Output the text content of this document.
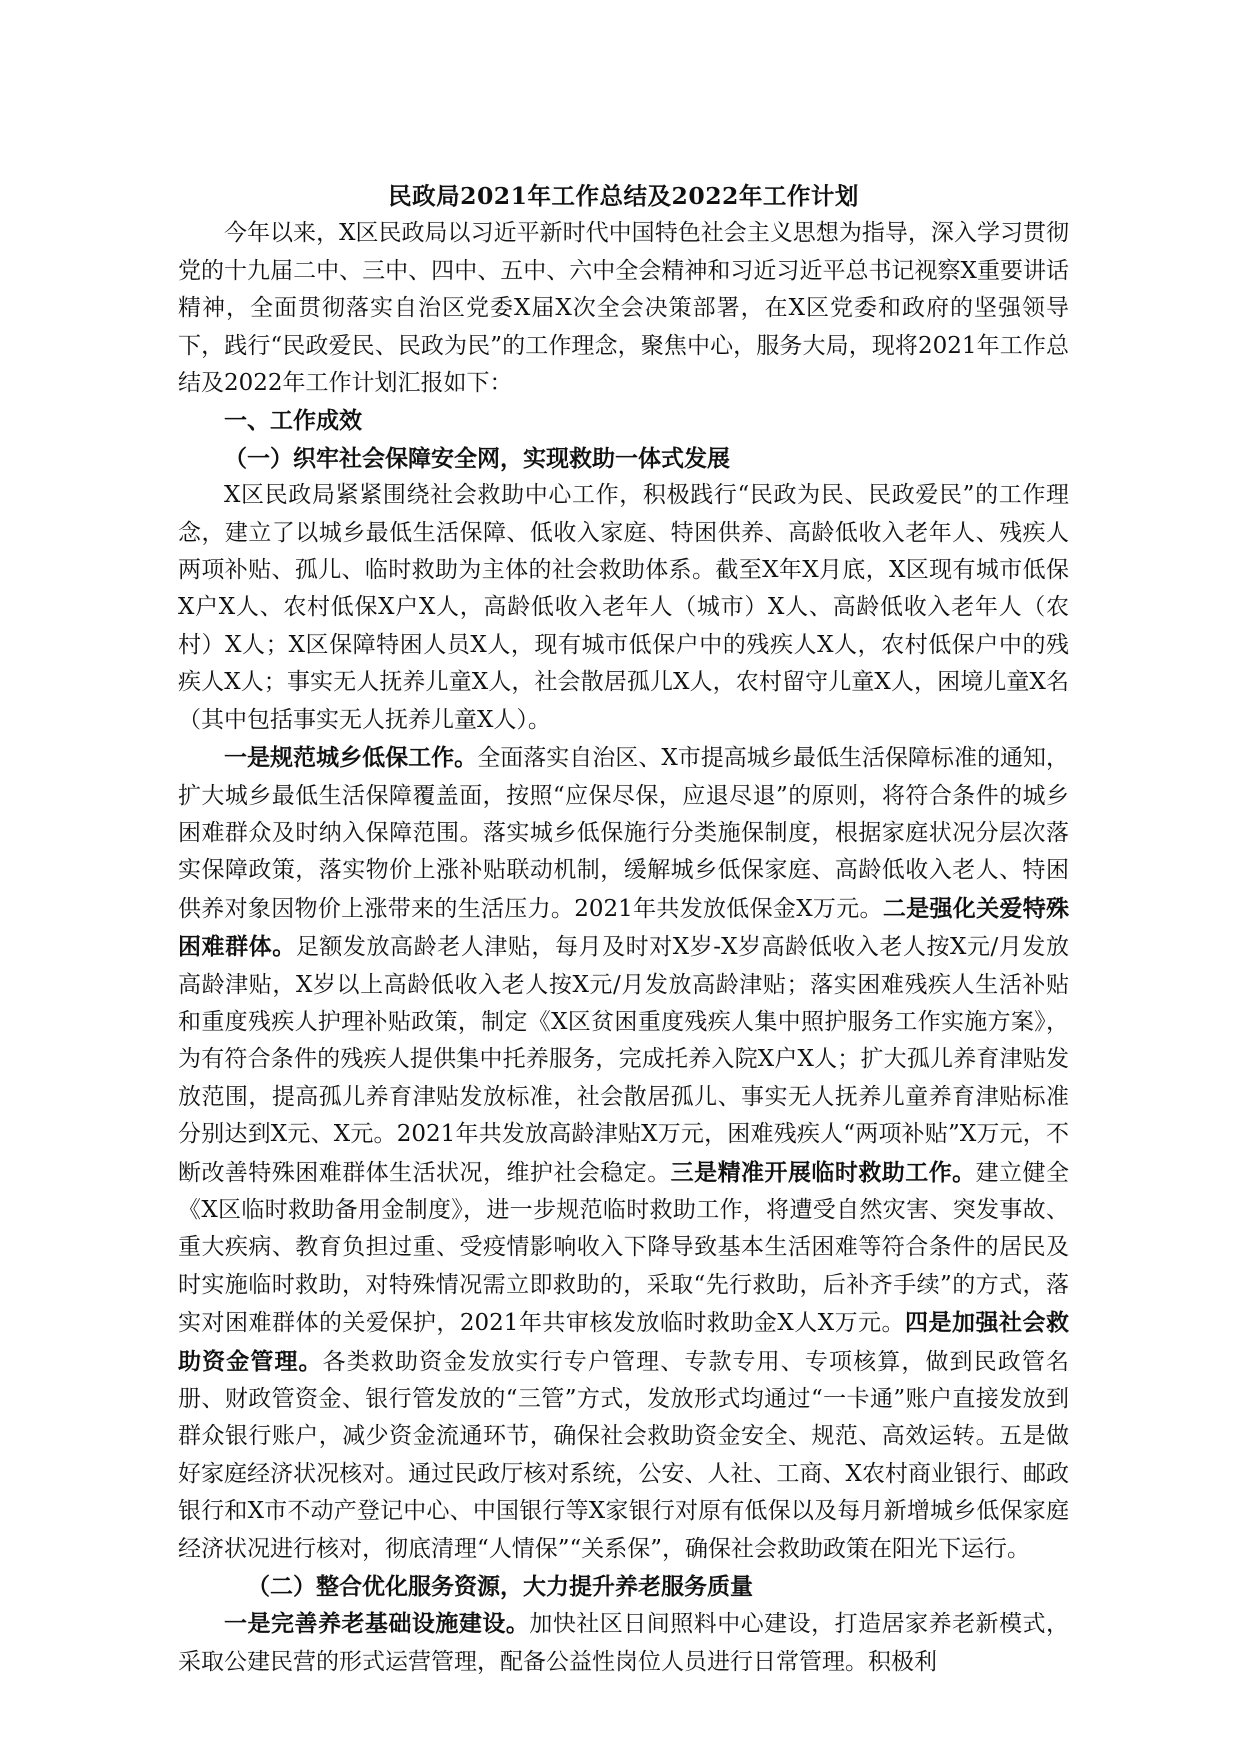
民政局2021年工作总结及2022年工作计划

今年以来，X区民政局以习近平新时代中国特色社会主义思想为指导，深入学习贯彻党的十九届二中、三中、四中、五中、六中全会精神和习近习近平总书记视察X重要讲话精神，全面贯彻落实自治区党委X届X次全会决策部署，在X区党委和政府的坚强领导下，践行“民政爱民、民政为民”的工作理念，聚焦中心，服务大局，现将2021年工作总结及2022年工作计划汇报如下：

一、工作成效

（一）织牢社会保障安全网，实现救助一体式发展

X区民政局紧紧围绕社会救助中心工作，积极践行“民政为民、民政爱民”的工作理念，建立了以城乡最低生活保障、低收入家庭、特困供养、高龄低收入老年人、残疾人两项补贴、孤儿、临时救助为主体的社会救助体系。截至X年X月底，X区现有城市低保X户X人、农村低保X户X人，高龄低收入老年人（城市）X人、高龄低收入老年人（农村）X人；X区保障特困人员X人，现有城市低保户中的残疾人X人，农村低保户中的残疾人X人；事实无人抚养儿童X人，社会散居孤儿X人，农村留守儿童X人，困境儿童X名（其中包括事实无人抚养儿童X人）。

一是规范城乡低保工作。全面落实自治区、X市提高城乡最低生活保障标准的通知，扩大城乡最低生活保障覆盖面，按照“应保尽保，应退尽退”的原则，将符合条件的城乡困难群众及时纳入保障范围。落实城乡低保施行分类施保制度，根据家庭状况分层次落实保障政策，落实物价上涨补贴联动机制，缓解城乡低保家庭、高龄低收入老人、特困供养对象因物价上涨带来的生活压力。2021年共发放低保金X万元。二是强化关爱特殊困难群体。足额发放高龄老人津贴，每月及时对X岁-X岁高龄低收入老人按X元/月发放高龄津贴，X岁以上高龄低收入老人按X元/月发放高龄津贴；落实困难残疾人生活补贴和重度残疾人护理补贴政策，制定《X区贫困重度残疾人集中照护服务工作实施方案》，为有符合条件的残疾人提供集中托养服务，完成托养入院X户X人；扩大孤儿养育津贴发放范围，提高孤儿养育津贴发放标准，社会散居孤儿、事实无人抚养儿童养育津贴标准分别达到X元、X元。2021年共发放高龄津贴X万元，困难残疾人“两项补贴”X万元，不断改善特殊困难群体生活状况，维护社会稳定。三是精准开展临时救助工作。建立健全《X区临时救助备用金制度》，进一步规范临时救助工作，将遭受自然灾害、突发事故、重大疾病、教育负担过重、受疫情影响收入下降导致基本生活困难等符合条件的居民及时实施临时救助，对特殊情况需立即救助的，采取“先行救助，后补齐手续”的方式，落实对困难群体的关爱保护，2021年共审核发放临时救助金X人X万元。四是加强社会救助资金管理。各类救助资金发放实行专户管理、专款专用、专项核算，做到民政管名册、财政管资金、银行管发放的“三管”方式，发放形式均通过“一卡通”账户直接发放到群众银行账户，减少资金流通环节，确保社会救助资金安全、规范、高效运转。五是做好家庭经济状况核对。通过民政厅核对系统，公安、人社、工商、X农村商业银行、邮政银行和X市不动产登记中心、中国银行等X家银行对原有低保以及每月新增城乡低保家庭经济状况进行核对，彻底清理“人情保”“关系保”，确保社会救助政策在阳光下运行。

（二）整合优化服务资源，大力提升养老服务质量

一是完善养老基础设施建设。加快社区日间照料中心建设，打造居家养老新模式，采取公建民营的形式运营管理，配备公益性岗位人员进行日常管理。积极利
